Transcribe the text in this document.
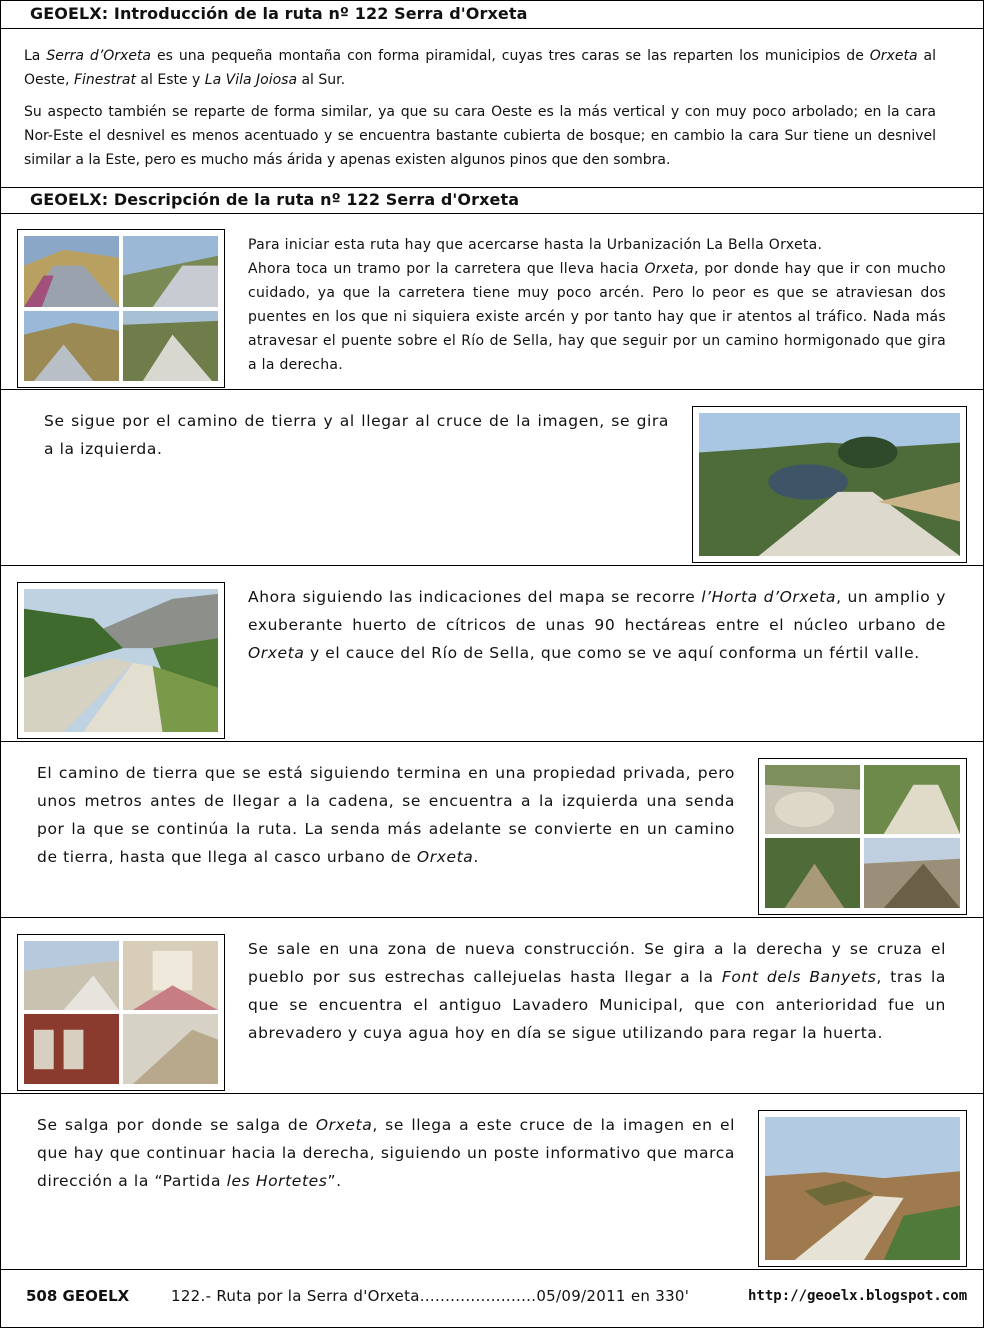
GEOELX: Introducción de la ruta nº 122 Serra d'Orxeta
GEOELX: Descripción de la ruta nº 122 Serra d'Orxeta

La Serra d’Orxeta es una pequeña montaña con forma piramidal, cuyas tres caras se las reparten los municipios de Orxeta al Oeste, Finestrat al Este y La Vila Joiosa al Sur.

Su aspecto también se reparte de forma similar, ya que su cara Oeste es la más vertical y con muy poco arbolado; en la cara Nor-Este el desnivel es menos acentuado y se encuentra bastante cubierta de bosque; en cambio la cara Sur tiene un desnivel similar a la Este, pero es mucho más árida y apenas existen algunos pinos que den sombra.

Para iniciar esta ruta hay que acercarse hasta la Urbanización La Bella Orxeta.
Ahora toca un tramo por la carretera que lleva hacia Orxeta, por donde hay que ir con mucho cuidado, ya que la carretera tiene muy poco arcén. Pero lo peor es que se atraviesan dos puentes en los que ni siquiera existe arcén y por tanto hay que ir atentos al tráfico. Nada más atravesar el puente sobre el Río de Sella, hay que seguir por un camino hormigonado que gira a la derecha.
Se sigue por el camino de tierra y al llegar al cruce de la imagen, se gira a la izquierda.
Ahora siguiendo las indicaciones del mapa se recorre l’Horta d’Orxeta, un amplio y exuberante huerto de cítricos de unas 90 hectáreas entre el núcleo urbano de Orxeta y el cauce del Río de Sella, que como se ve aquí conforma un fértil valle.
El camino de tierra que se está siguiendo termina en una propiedad privada, pero unos metros antes de llegar a la cadena, se encuentra a la izquierda una senda por la que se continúa la ruta. La senda más adelante se convierte en un camino de tierra, hasta que llega al casco urbano de Orxeta.
Se sale en una zona de nueva construcción. Se gira a la derecha y se cruza el pueblo por sus estrechas callejuelas hasta llegar a la Font dels Banyets, tras la que se encuentra el antiguo Lavadero Municipal, que con anterioridad fue un abrevadero y cuya agua hoy en día se sigue utilizando para regar la huerta.
Se salga por donde se salga de Orxeta, se llega a este cruce de la imagen en el que hay que continuar hacia la derecha, siguiendo un poste informativo que marca dirección a la “Partida les Hortetes”.
508 GEOELX	122.- Ruta por la Serra d'Orxeta.......................05/09/2011 en 330'	http://geoelx.blogspot.com
